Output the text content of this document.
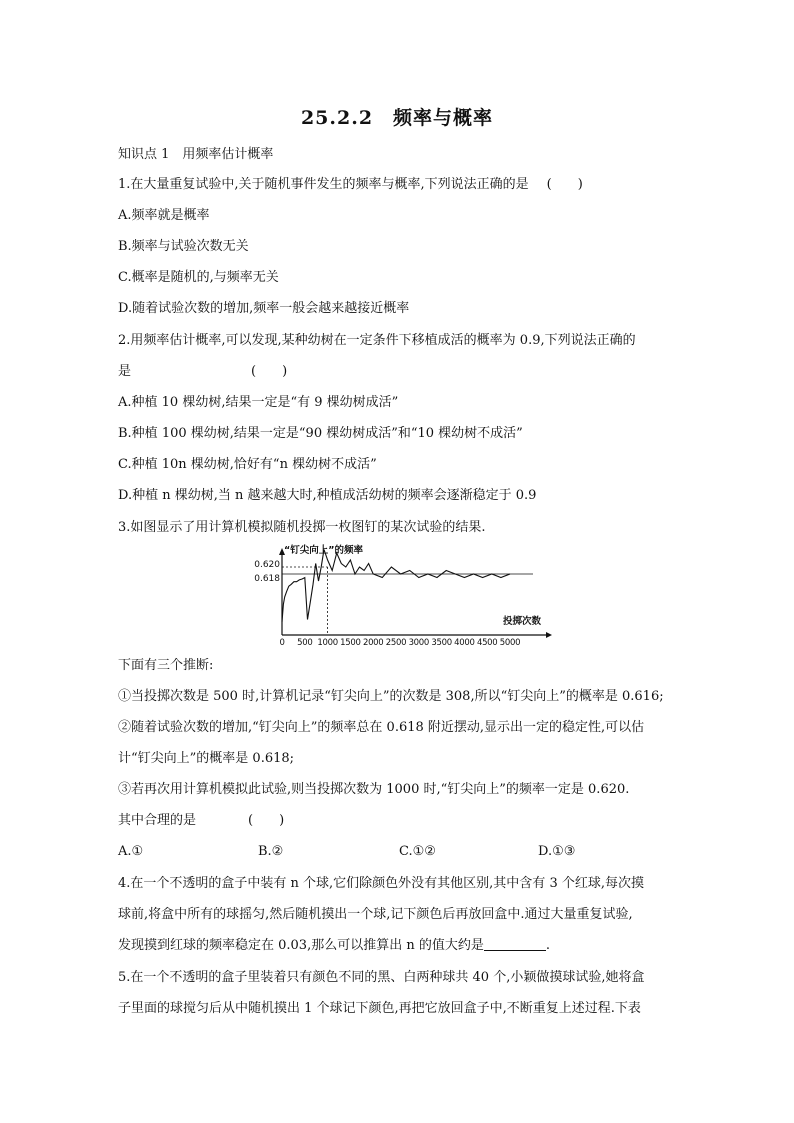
25.2.2　频率与概率
知识点 1　用频率估计概率
1.在大量重复试验中,关于随机事件发生的频率与概率,下列说法正确的是 (　　)
A.频率就是概率
B.频率与试验次数无关
C.概率是随机的,与频率无关
D.随着试验次数的增加,频率一般会越来越接近概率
2.用频率估计概率,可以发现,某种幼树在一定条件下移植成活的概率为 0.9,下列说法正确的
是	(　　)
A.种植 10 棵幼树,结果一定是“有 9 棵幼树成活”
B.种植 100 棵幼树,结果一定是“90 棵幼树成活”和“10 棵幼树不成活”
C.种植 10n 棵幼树,恰好有“n 棵幼树不成活”
D.种植 n 棵幼树,当 n 越来越大时,种植成活幼树的频率会逐渐稳定于 0.9
3.如图显示了用计算机模拟随机投掷一枚图钉的某次试验的结果.
0.620
0.618
0 500 1000 1500 2000 2500 3000 3500 4000 4500 5000
“钉尖向上”的频率
投掷次数
下面有三个推断:
①当投掷次数是 500 时,计算机记录“钉尖向上”的次数是 308,所以“钉尖向上”的概率是 0.616;
②随着试验次数的增加,“钉尖向上”的频率总在 0.618 附近摆动,显示出一定的稳定性,可以估
计“钉尖向上”的概率是 0.618;
③若再次用计算机模拟此试验,则当投掷次数为 1000 时,“钉尖向上”的频率一定是 0.620.
其中合理的是	(　　)
A.①	B.②	C.①②	D.①③
4.在一个不透明的盒子中装有 n 个球,它们除颜色外没有其他区别,其中含有 3 个红球,每次摸
球前,将盒中所有的球摇匀,然后随机摸出一个球,记下颜色后再放回盒中.通过大量重复试验,
发现摸到红球的频率稳定在 0.03,那么可以推算出 n 的值大约是	.
5.在一个不透明的盒子里装着只有颜色不同的黑、白两种球共 40 个,小颖做摸球试验,她将盒
子里面的球搅匀后从中随机摸出 1 个球记下颜色,再把它放回盒子中,不断重复上述过程.下表
